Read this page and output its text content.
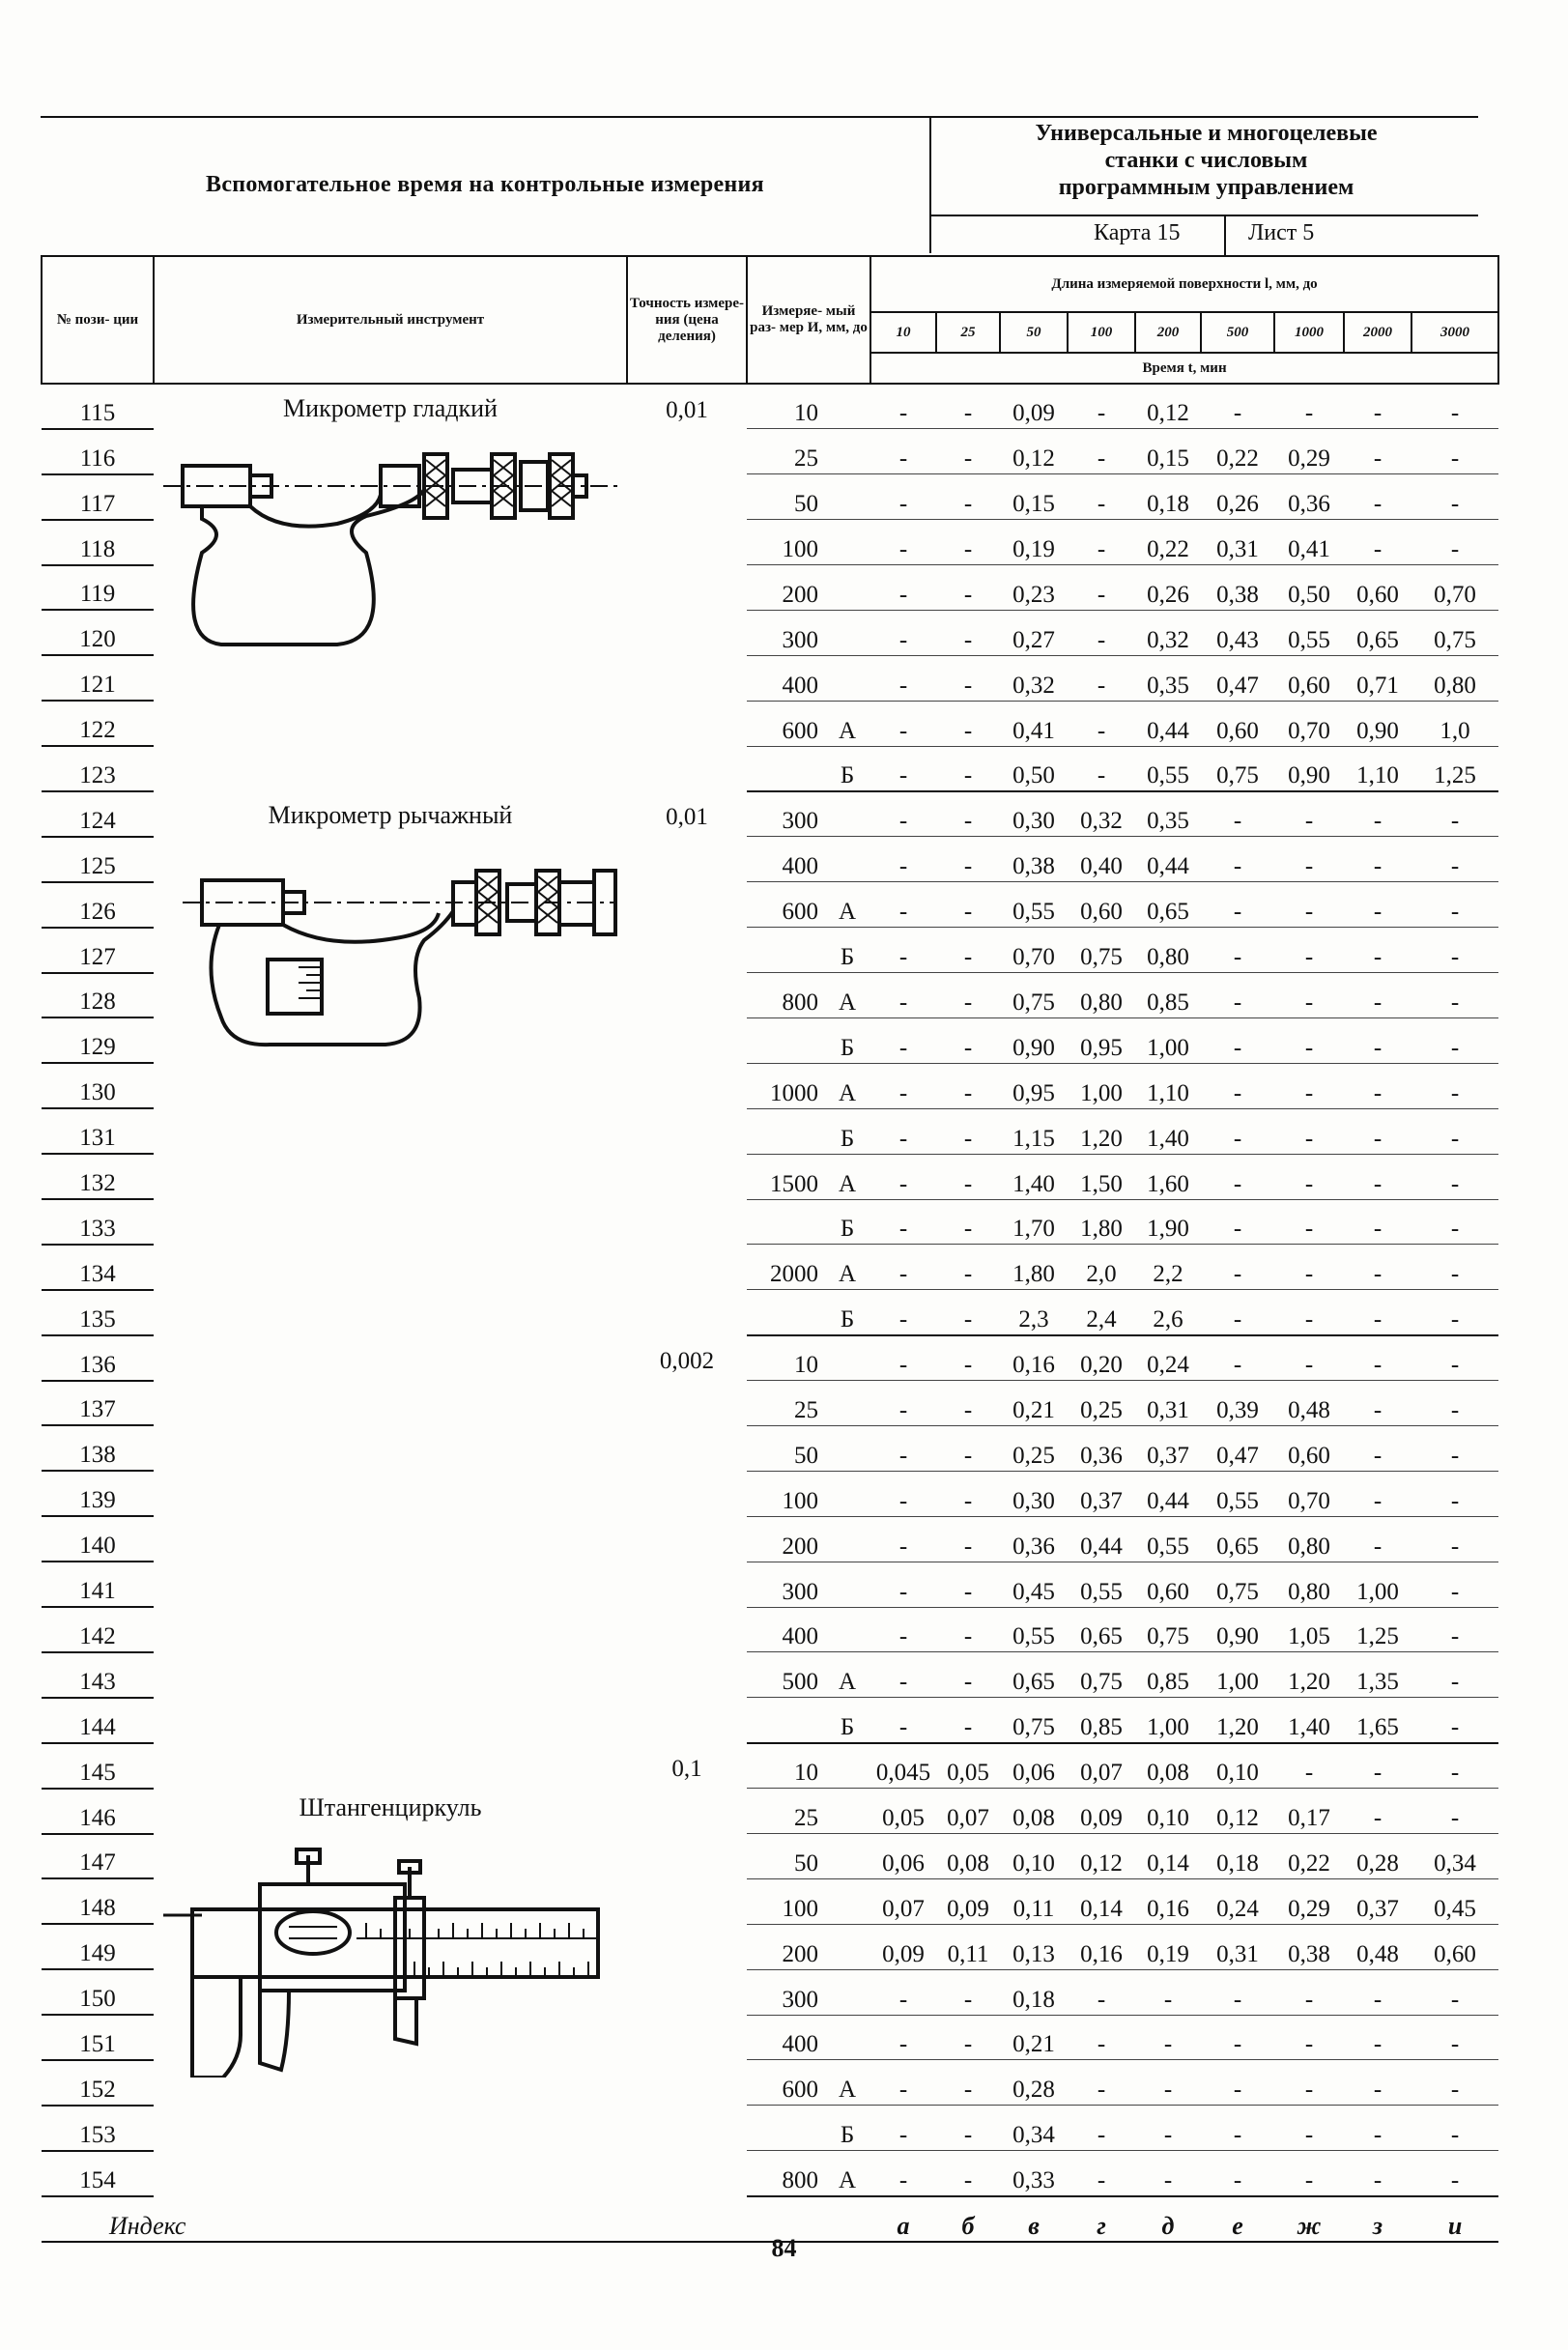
Вспомогательное время на контрольные измерения
Универсальные и многоцелевые
станки с числовым
программным управлением
Карта 15	Лист 5
№ пози- ции	Измерительный инструмент	Точность измере- ния (цена деления)	Измеряе- мый раз- мер И, мм, до		Длина измеряемой поверхности l, мм, до								
					10	25	50	100	200	500	1000	2000	3000
					Время t, мин								
115	Микрометр гладкий	0,01	10		-	-	0,09	-	0,12	-	-	-	-
116			25		-	-	0,12	-	0,15	0,22	0,29	-	-
117			50		-	-	0,15	-	0,18	0,26	0,36	-	-
118			100		-	-	0,19	-	0,22	0,31	0,41	-	-
119			200		-	-	0,23	-	0,26	0,38	0,50	0,60	0,70
120			300		-	-	0,27	-	0,32	0,43	0,55	0,65	0,75
121			400		-	-	0,32	-	0,35	0,47	0,60	0,71	0,80
122			600	А	-	-	0,41	-	0,44	0,60	0,70	0,90	1,0
123				Б	-	-	0,50	-	0,55	0,75	0,90	1,10	1,25
124	Микрометр рычажный	0,01	300		-	-	0,30	0,32	0,35	-	-	-	-
125			400		-	-	0,38	0,40	0,44	-	-	-	-
126			600	А	-	-	0,55	0,60	0,65	-	-	-	-
127				Б	-	-	0,70	0,75	0,80	-	-	-	-
128			800	А	-	-	0,75	0,80	0,85	-	-	-	-
129				Б	-	-	0,90	0,95	1,00	-	-	-	-
130			1000	А	-	-	0,95	1,00	1,10	-	-	-	-
131				Б	-	-	1,15	1,20	1,40	-	-	-	-
132			1500	А	-	-	1,40	1,50	1,60	-	-	-	-
133				Б	-	-	1,70	1,80	1,90	-	-	-	-
134			2000	А	-	-	1,80	2,0	2,2	-	-	-	-
135				Б	-	-	2,3	2,4	2,6	-	-	-	-
136		0,002	10		-	-	0,16	0,20	0,24	-	-	-	-
137			25		-	-	0,21	0,25	0,31	0,39	0,48	-	-
138			50		-	-	0,25	0,36	0,37	0,47	0,60	-	-
139			100		-	-	0,30	0,37	0,44	0,55	0,70	-	-
140			200		-	-	0,36	0,44	0,55	0,65	0,80	-	-
141			300		-	-	0,45	0,55	0,60	0,75	0,80	1,00	-
142			400		-	-	0,55	0,65	0,75	0,90	1,05	1,25	-
143			500	А	-	-	0,65	0,75	0,85	1,00	1,20	1,35	-
144				Б	-	-	0,75	0,85	1,00	1,20	1,40	1,65	-
145	Штангенциркуль	0,1	10		0,045	0,05	0,06	0,07	0,08	0,10	-	-	-
146			25		0,05	0,07	0,08	0,09	0,10	0,12	0,17	-	-
147			50		0,06	0,08	0,10	0,12	0,14	0,18	0,22	0,28	0,34
148			100		0,07	0,09	0,11	0,14	0,16	0,24	0,29	0,37	0,45
149			200		0,09	0,11	0,13	0,16	0,19	0,31	0,38	0,48	0,60
150			300		-	-	0,18	-	-	-	-	-	-
151			400		-	-	0,21	-	-	-	-	-	-
152			600	А	-	-	0,28	-	-	-	-	-	-
153				Б	-	-	0,34	-	-	-	-	-	-
154			800	А	-	-	0,33	-	-	-	-	-	-
Индекс					а	б	в	г	д	е	ж	з	и
84
